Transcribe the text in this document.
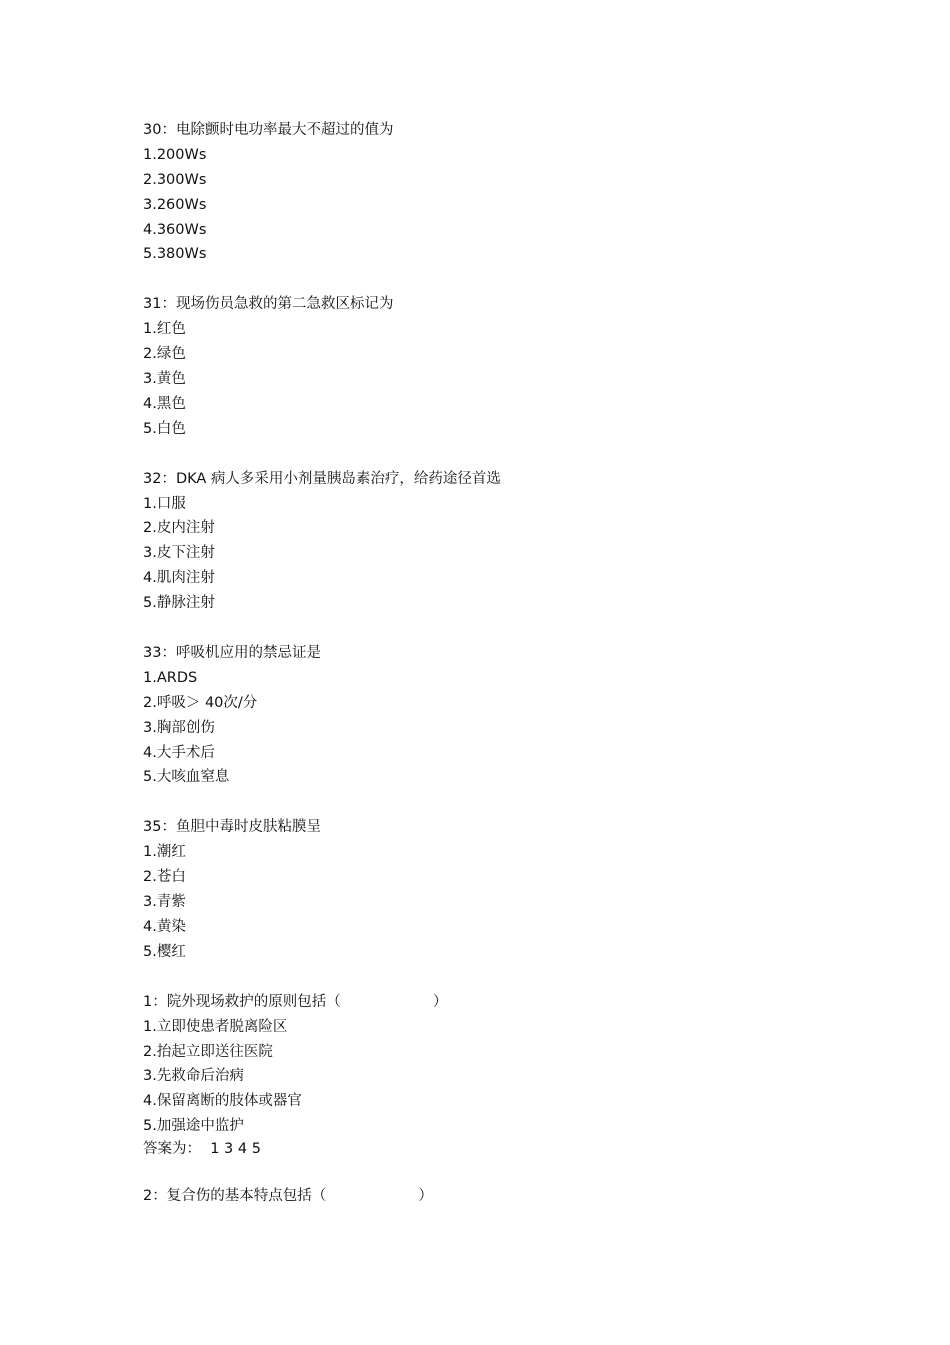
30：电除颤时电功率最大不超过的值为
1.200Ws
2.300Ws
3.260Ws
4.360Ws
5.380Ws
31：现场伤员急救的第二急救区标记为
1.红色
2.绿色
3.黄色
4.黑色
5.白色
32：DKA 病人多采用小剂量胰岛素治疗，给药途径首选
1.口服
2.皮内注射
3.皮下注射
4.肌肉注射
5.静脉注射
33：呼吸机应用的禁忌证是
1.ARDS
2.呼吸＞ 40次/分
3.胸部创伤
4.大手术后
5.大咳血窒息
35：鱼胆中毒时皮肤粘膜呈
1.潮红
2.苍白
3.青紫
4.黄染
5.樱红
1：院外现场救护的原则包括（                    ）
1.立即使患者脱离险区
2.抬起立即送往医院
3.先救命后治病
4.保留离断的肢体或器官
5.加强途中监护
答案为：  1 3 4 5
2：复合伤的基本特点包括（                    ）
